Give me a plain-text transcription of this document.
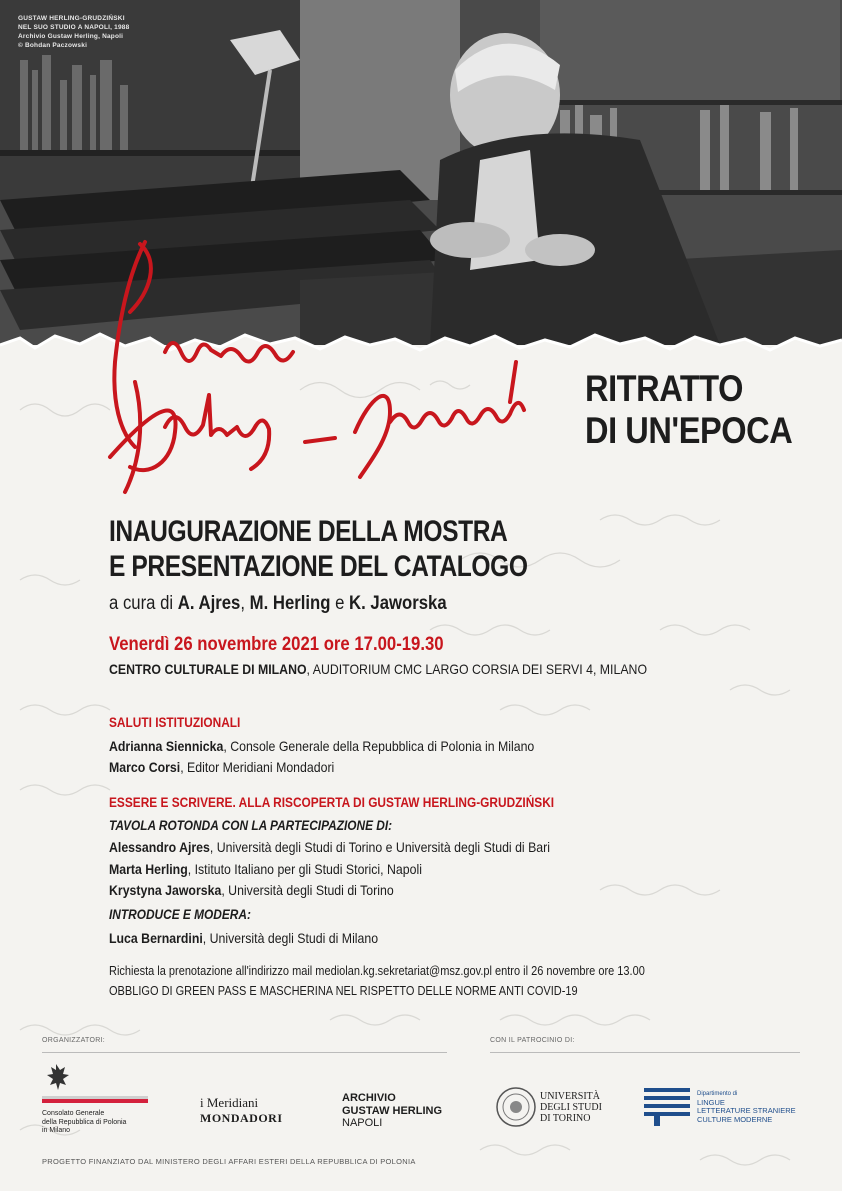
GUSTAW HERLING-GRUDZIŃSKI
NEL SUO STUDIO A NAPOLI, 1988
Archivio Gustaw Herling, Napoli
© Bohdan Paczowski
RITRATTO
DI UN'EPOCA
INAUGURAZIONE DELLA MOSTRA
E PRESENTAZIONE DEL CATALOGO
a cura di A. Ajres, M. Herling e K. Jaworska
Venerdì 26 novembre 2021 ore 17.00-19.30
CENTRO CULTURALE DI MILANO, AUDITORIUM CMC LARGO CORSIA DEI SERVI 4, MILANO
SALUTI ISTITUZIONALI
Adrianna Siennicka, Console Generale della Repubblica di Polonia in Milano
Marco Corsi, Editor Meridiani Mondadori
ESSERE E SCRIVERE. ALLA RISCOPERTA DI GUSTAW HERLING-GRUDZIŃSKI
TAVOLA ROTONDA CON LA PARTECIPAZIONE DI:
Alessandro Ajres, Università degli Studi di Torino e Università degli Studi di Bari
Marta Herling, Istituto Italiano per gli Studi Storici, Napoli
Krystyna Jaworska, Università degli Studi di Torino
INTRODUCE E MODERA:
Luca Bernardini, Università degli Studi di Milano
Richiesta la prenotazione all'indirizzo mail mediolan.kg.sekretariat@msz.gov.pl entro il 26 novembre ore 13.00
OBBLIGO DI GREEN PASS E MASCHERINA NEL RISPETTO DELLE NORME ANTI COVID-19
ORGANIZZATORI:	CON IL PATROCINIO DI:
Consolato Generale
della Repubblica di Polonia
in Milano
i Meridiani
MONDADORI
ARCHIVIO
GUSTAW HERLING
NAPOLI
UNIVERSITÀ
DEGLI STUDI
DI TORINO
Dipartimento di
LINGUE
LETTERATURE STRANIERE
CULTURE MODERNE
PROGETTO FINANZIATO DAL MINISTERO DEGLI AFFARI ESTERI DELLA REPUBBLICA DI POLONIA
